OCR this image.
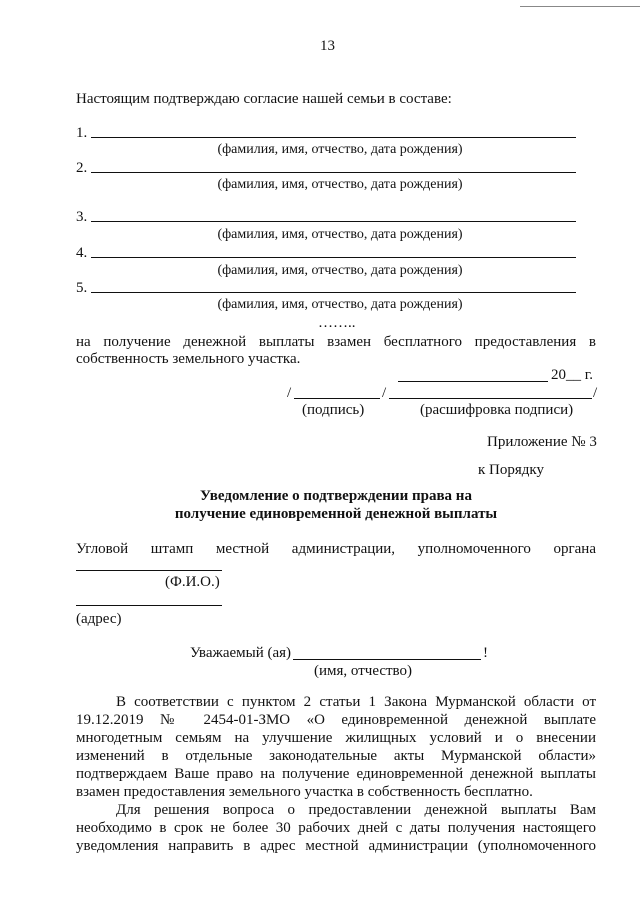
13
Настоящим подтверждаю согласие нашей семьи в составе:
1.
(фамилия, имя, отчество, дата рождения)
2.
(фамилия, имя, отчество, дата рождения)
3.
(фамилия, имя, отчество, дата рождения)
4.
(фамилия, имя, отчество, дата рождения)
5.
(фамилия, имя, отчество, дата рождения)
……..
на получение денежной выплаты взамен бесплатного предоставления в
собственность земельного участка.
20__ г.
/	/	/
(подпись)	(расшифровка подписи)
Приложение № 3
к Порядку
Уведомление о подтверждении права на
получение единовременной денежной выплаты
Угловой штамп местной администрации, уполномоченного органа
(Ф.И.О.)
(адрес)
Уважаемый (ая)	!
(имя, отчество)
В соответствии с пунктом 2 статьи 1 Закона Мурманской области от
19.12.2019 № 2454-01-ЗМО «О единовременной денежной выплате
многодетным семьям на улучшение жилищных условий и о внесении
изменений в отдельные законодательные акты Мурманской области»
подтверждаем Ваше право на получение единовременной денежной выплаты
взамен предоставления земельного участка в собственность бесплатно.
Для решения вопроса о предоставлении денежной выплаты Вам
необходимо в срок не более 30 рабочих дней с даты получения настоящего
уведомления направить в адрес местной администрации (уполномоченного
